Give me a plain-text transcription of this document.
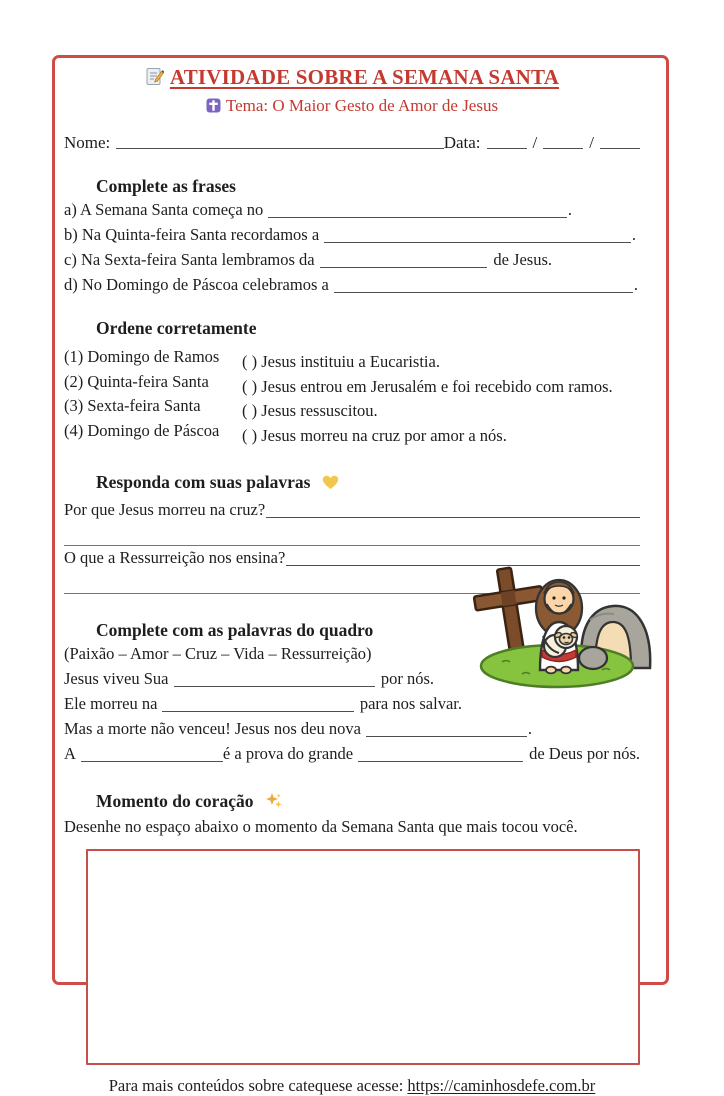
ATIVIDADE SOBRE A SEMANA SANTA
Tema: O Maior Gesto de Amor de Jesus
Nome:	Data:	/	/
Complete as frases
a) A Semana Santa começa no	.
b) Na Quinta-feira Santa recordamos a	.
c) Na Sexta-feira Santa lembramos da	de Jesus.
d) No Domingo de Páscoa celebramos a	.
Ordene corretamente
(1) Domingo de Ramos
(2) Quinta-feira Santa
(3) Sexta-feira Santa
(4) Domingo de Páscoa
( ) Jesus instituiu a Eucaristia.
( ) Jesus entrou em Jerusalém e foi recebido com ramos.
( ) Jesus ressuscitou.
( ) Jesus morreu na cruz por amor a nós.
Responda com suas palavras
Por que Jesus morreu na cruz?
O que a Ressurreição nos ensina?
Complete com as palavras do quadro
(Paixão – Amor – Cruz – Vida – Ressurreição)
Jesus viveu Sua	por nós.
Ele morreu na	para nos salvar.
Mas a morte não venceu! Jesus nos deu nova	.
A	é a prova do grande	de Deus por nós.
Momento do coração
Desenhe no espaço abaixo o momento da Semana Santa que mais tocou você.
Para mais conteúdos sobre catequese acesse: https://caminhosdefe.com.br
